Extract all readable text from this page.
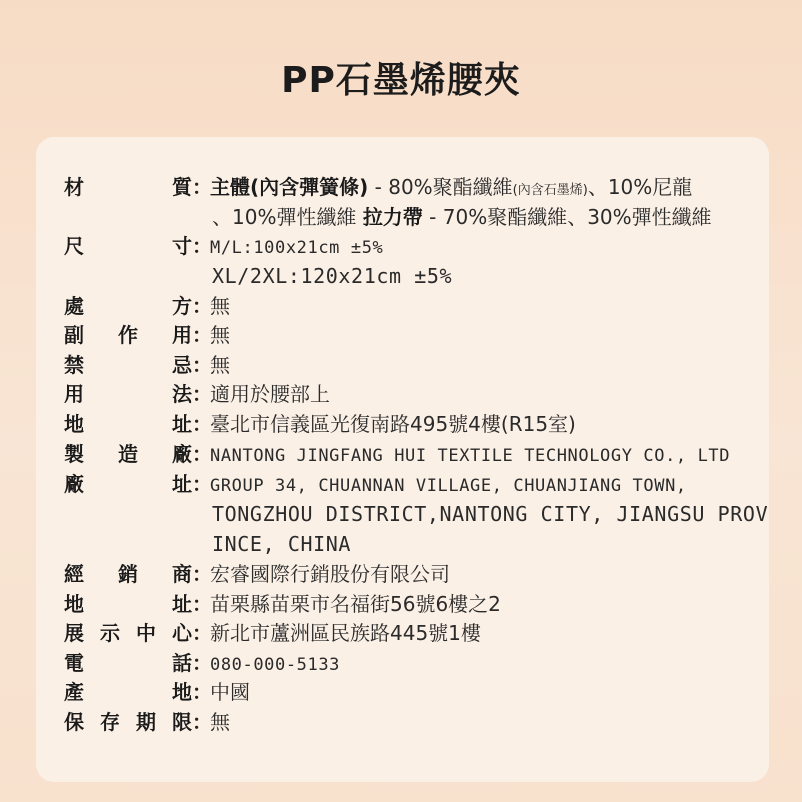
PP石墨烯腰夾
材	質 ：
主體(內含彈簧條) - 80%聚酯纖維(內含石墨烯)、10%尼龍
、10%彈性纖維 拉力帶 - 70%聚酯纖維、30%彈性纖維
尺	寸 ：
M/L:100x21cm ±5%
XL/2XL:120x21cm ±5%
處	方 ：
無
副 作 用 ：
無
禁	忌 ：
無
用	法 ：
適用於腰部上
地	址 ：
臺北市信義區光復南路495號4樓(R15室)
製 造 廠 ：
NANTONG JINGFANG HUI TEXTILE TECHNOLOGY CO., LTD
廠	址 ：
GROUP 34, CHUANNAN VILLAGE, CHUANJIANG TOWN,
TONGZHOU DISTRICT,NANTONG CITY, JIANGSU PROV
INCE, CHINA
經 銷 商 ：
宏睿國際行銷股份有限公司
地	址 ：
苗栗縣苗栗市名福街56號6樓之2
展 示 中 心 ：
新北市蘆洲區民族路445號1樓
電	話 ：
080-000-5133
產	地 ：
中國
保 存 期 限 ：
無
